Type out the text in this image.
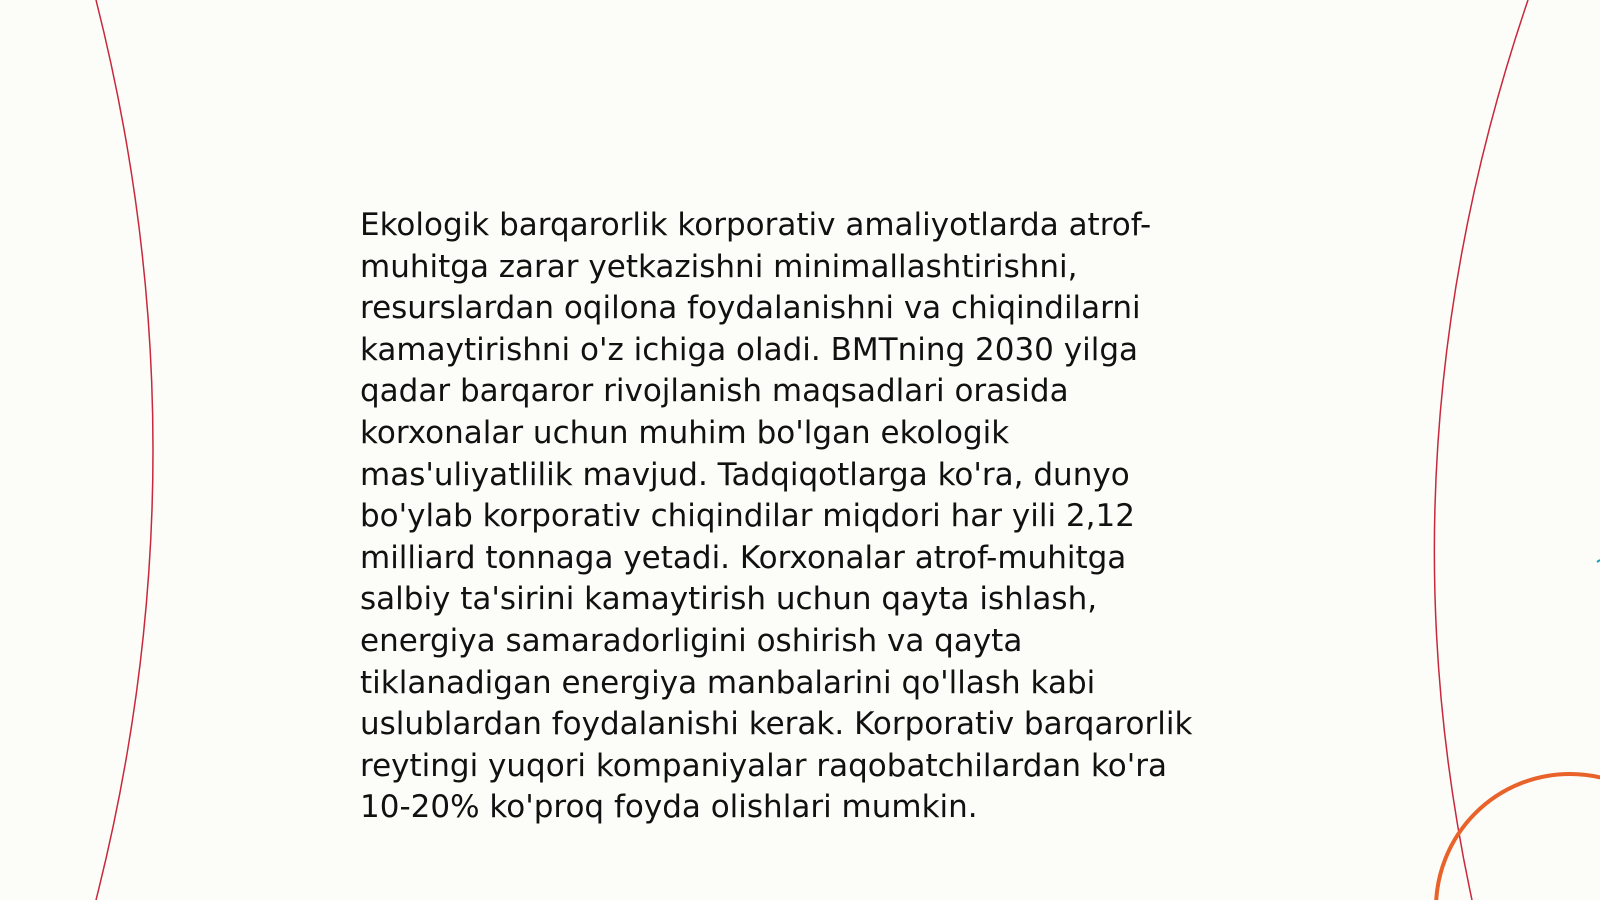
Ekologik barqarorlik korporativ amaliyotlarda atrof-
muhitga zarar yetkazishni minimallashtirishni,
resurslardan oqilona foydalanishni va chiqindilarni
kamaytirishni o'z ichiga oladi. BMTning 2030 yilga
qadar barqaror rivojlanish maqsadlari orasida
korxonalar uchun muhim bo'lgan ekologik
mas'uliyatlilik mavjud. Tadqiqotlarga ko'ra, dunyo
bo'ylab korporativ chiqindilar miqdori har yili 2,12
milliard tonnaga yetadi. Korxonalar atrof-muhitga
salbiy ta'sirini kamaytirish uchun qayta ishlash,
energiya samaradorligini oshirish va qayta
tiklanadigan energiya manbalarini qo'llash kabi
uslublardan foydalanishi kerak. Korporativ barqarorlik
reytingi yuqori kompaniyalar raqobatchilardan ko'ra
10-20% ko'proq foyda olishlari mumkin.
